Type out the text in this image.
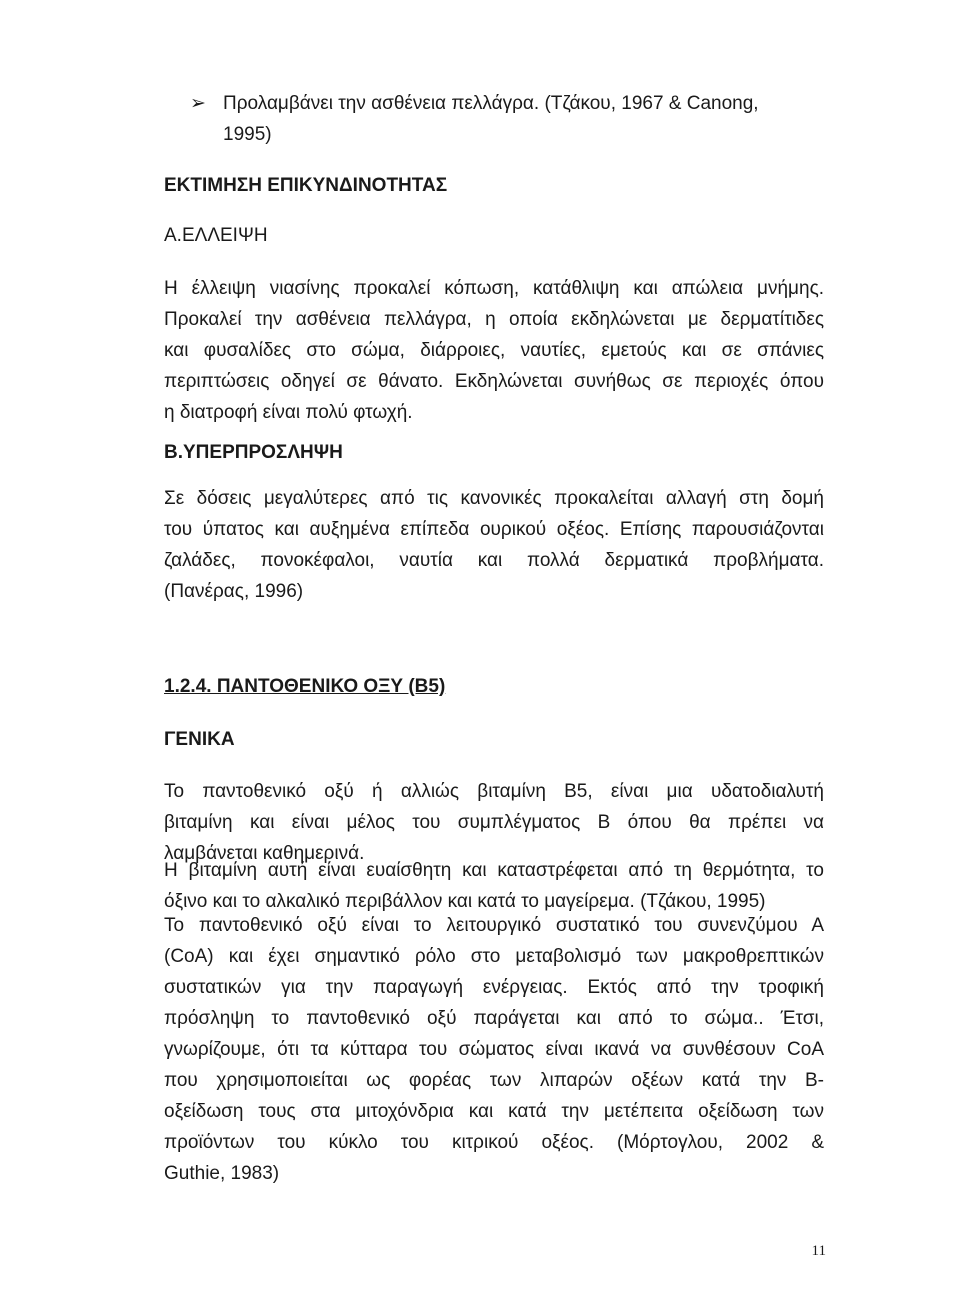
➢ Προλαμβάνει την ασθένεια πελλάγρα. (Τζάκου, 1967 & Canong,
1995)
ΕΚΤΙΜΗΣΗ ΕΠΙΚΥΝΔΙΝΟΤΗΤΑΣ
Α.ΕΛΛΕΙΨΗ
Η έλλειψη νιασίνης προκαλεί κόπωση, κατάθλιψη και απώλεια μνήμης.
Προκαλεί την ασθένεια πελλάγρα, η οποία εκδηλώνεται με δερματίτιδες
και φυσαλίδες στο σώμα, διάρροιες, ναυτίες, εμετούς και σε σπάνιες
περιπτώσεις οδηγεί σε θάνατο. Εκδηλώνεται συνήθως σε περιοχές όπου
η διατροφή είναι πολύ φτωχή.
Β.ΥΠΕΡΠΡΟΣΛΗΨΗ
Σε δόσεις μεγαλύτερες από τις κανονικές προκαλείται αλλαγή στη δομή
του ύπατος και αυξημένα επίπεδα ουρικού οξέος. Επίσης παρουσιάζονται
ζαλάδες, πονοκέφαλοι, ναυτία και πολλά δερματικά προβλήματα.
(Πανέρας, 1996)
1.2.4. ΠΑΝΤΟΘΕΝΙΚΟ ΟΞΥ (Β5)
ΓΕΝΙΚΑ
Το παντοθενικό οξύ ή αλλιώς βιταμίνη Β5, είναι μια υδατοδιαλυτή
βιταμίνη και είναι μέλος του συμπλέγματος Β όπου θα πρέπει να
λαμβάνεται καθημερινά.
Η βιταμίνη αυτή είναι ευαίσθητη και καταστρέφεται από τη θερμότητα, το
όξινο και το αλκαλικό περιβάλλον και κατά το μαγείρεμα. (Τζάκου, 1995)
Το παντοθενικό οξύ είναι το λειτουργικό συστατικό του συνενζύμου Α
(CoA) και έχει σημαντικό ρόλο στο μεταβολισμό των μακροθρεπτικών
συστατικών για την παραγωγή ενέργειας. Εκτός από την τροφική
πρόσληψη το παντοθενικό οξύ παράγεται και από το σώμα.. Έτσι,
γνωρίζουμε, ότι τα κύτταρα του σώματος είναι ικανά να συνθέσουν CoA
που χρησιμοποιείται ως φορέας των λιπαρών οξέων κατά την Β-
οξείδωση τους στα μιτοχόνδρια και κατά την μετέπειτα οξείδωση των
προϊόντων του κύκλο του κιτρικού οξέος. (Μόρτογλου, 2002 &
Guthie, 1983)
11
